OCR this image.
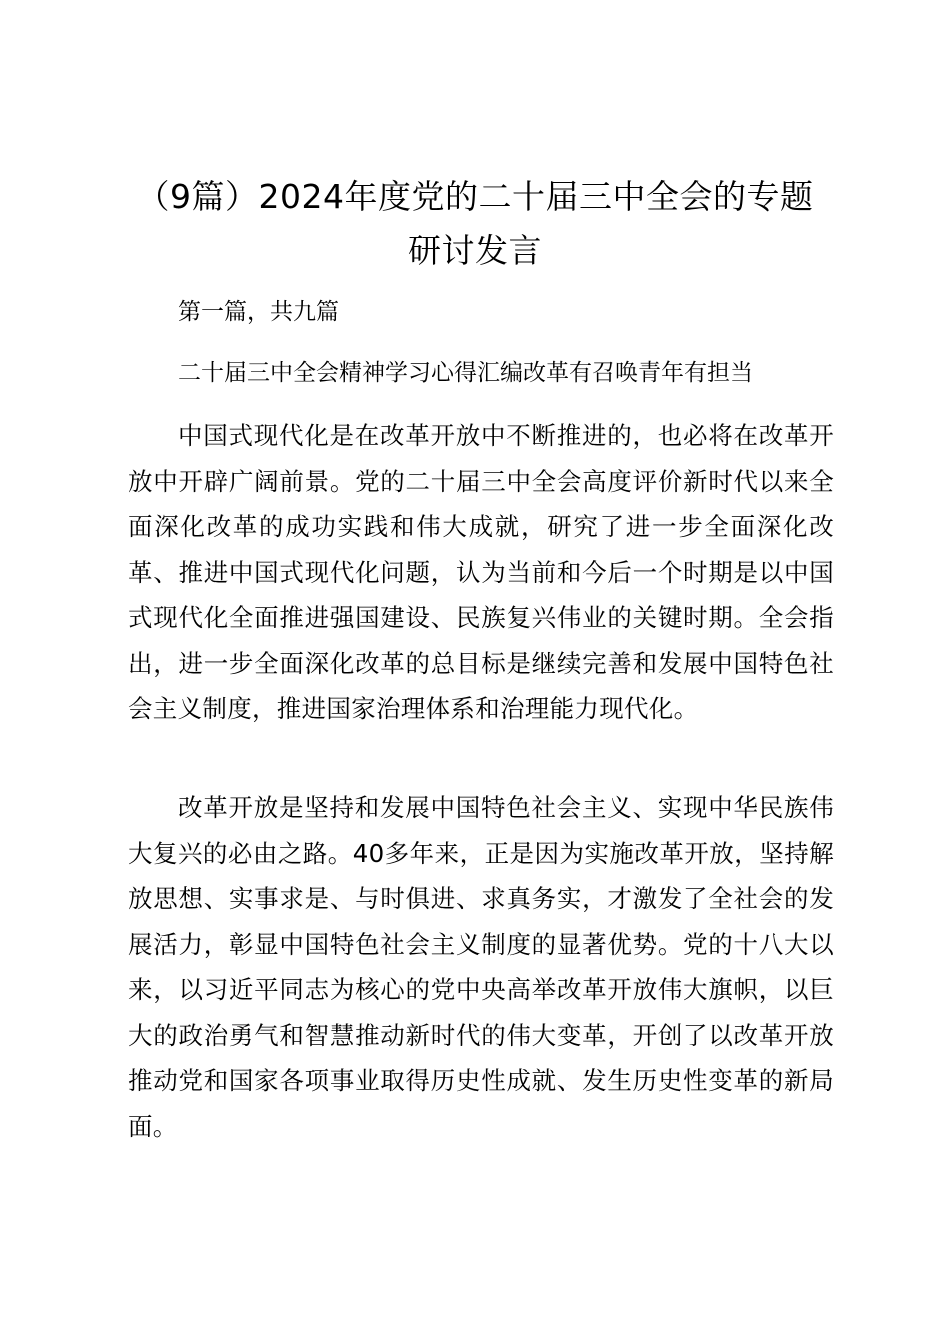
（9篇）2024年度党的二十届三中全会的专题研讨发言

第一篇，共九篇

二十届三中全会精神学习心得汇编改革有召唤青年有担当

中国式现代化是在改革开放中不断推进的，也必将在改革开放中开辟广阔前景。党的二十届三中全会高度评价新时代以来全面深化改革的成功实践和伟大成就，研究了进一步全面深化改革、推进中国式现代化问题，认为当前和今后一个时期是以中国式现代化全面推进强国建设、民族复兴伟业的关键时期。全会指出，进一步全面深化改革的总目标是继续完善和发展中国特色社会主义制度，推进国家治理体系和治理能力现代化。

改革开放是坚持和发展中国特色社会主义、实现中华民族伟大复兴的必由之路。40多年来，正是因为实施改革开放，坚持解放思想、实事求是、与时俱进、求真务实，才激发了全社会的发展活力，彰显中国特色社会主义制度的显著优势。党的十八大以来，以习近平同志为核心的党中央高举改革开放伟大旗帜，以巨大的政治勇气和智慧推动新时代的伟大变革，开创了以改革开放推动党和国家各项事业取得历史性成就、发生历史性变革的新局面。
